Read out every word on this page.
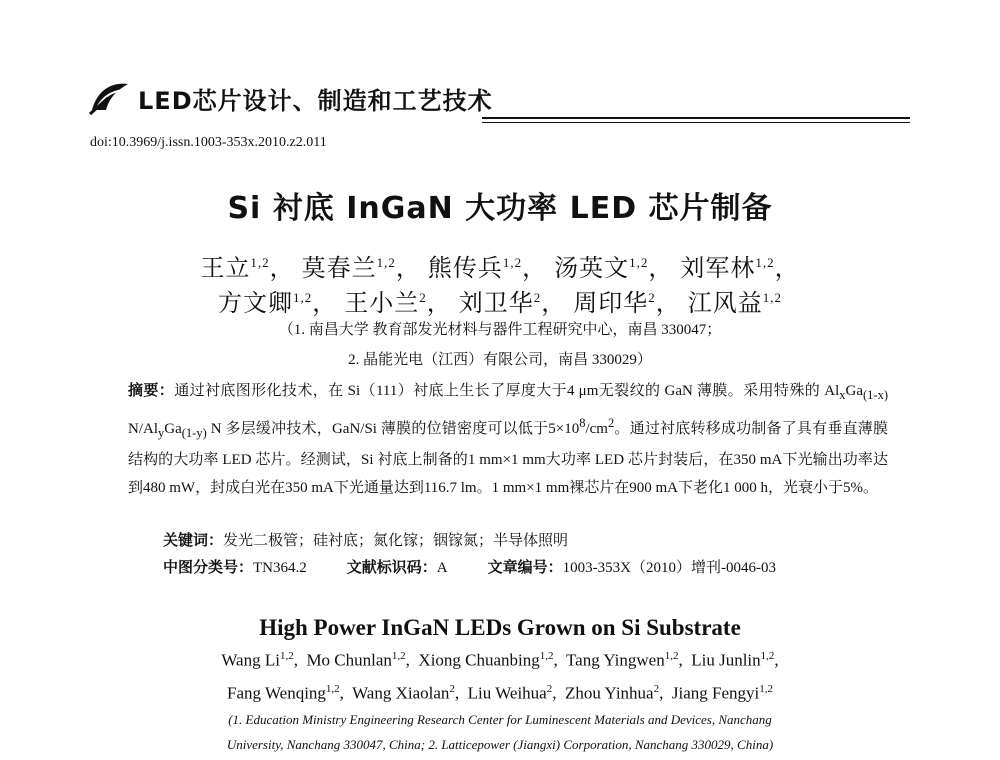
LED芯片设计、制造和工艺技术
doi:10.3969/j.issn.1003-353x.2010.z2.011
Si 衬底 InGaN 大功率 LED 芯片制备
王立$^{1,2}$， 莫春兰$^{1,2}$， 熊传兵$^{1,2}$， 汤英文$^{1,2}$， 刘军林$^{1,2}$，
方文卿$^{1,2}$， 王小兰$^2$， 刘卫华$^2$， 周印华$^2$， 江风益$^{1,2}$
（1. 南昌大学 教育部发光材料与器件工程研究中心，南昌 330047；
2. 晶能光电（江西）有限公司，南昌 330029）
摘要：通过衬底图形化技术，在 Si（111）衬底上生长了厚度大于4 μm无裂纹的 GaN 薄膜。采用特殊的 $Al_xGa_{(1-x)}$ $N/Al_yGa_{(1-y)}$ N 多层缓冲技术，GaN/Si 薄膜的位错密度可以低于$5\times 10^8/cm^2$。通过衬底转移成功制备了具有垂直薄膜结构的大功率 LED 芯片。经测试，Si 衬底上制备的1 mm×1 mm大功率 LED 芯片封装后，在350 mA下光输出功率达到480 mW，封成白光在350 mA下光通量达到116.7 lm。1 mm×1 mm裸芯片在900 mA下老化1 000 h，光衰小于5%。
关键词：发光二极管；硅衬底；氮化镓；铟镓氮；半导体照明
中图分类号：TN364.2	文献标识码：A	文章编号：1003-353X（2010）增刊-0046-03
High Power InGaN LEDs Grown on Si Substrate
Wang Li$^{1,2}$,  Mo Chunlan$^{1,2}$,  Xiong Chuanbing$^{1,2}$,  Tang Yingwen$^{1,2}$,  Liu Junlin$^{1,2}$,
Fang Wenqing$^{1,2}$,  Wang Xiaolan$^2$,  Liu Weihua$^2$,  Zhou Yinhua$^2$,  Jiang Fengyi$^{1,2}$
(1. Education Ministry Engineering Research Center for Luminescent Materials and Devices, Nanchang
University, Nanchang 330047, China; 2. Latticepower (Jiangxi) Corporation, Nanchang 330029, China)
